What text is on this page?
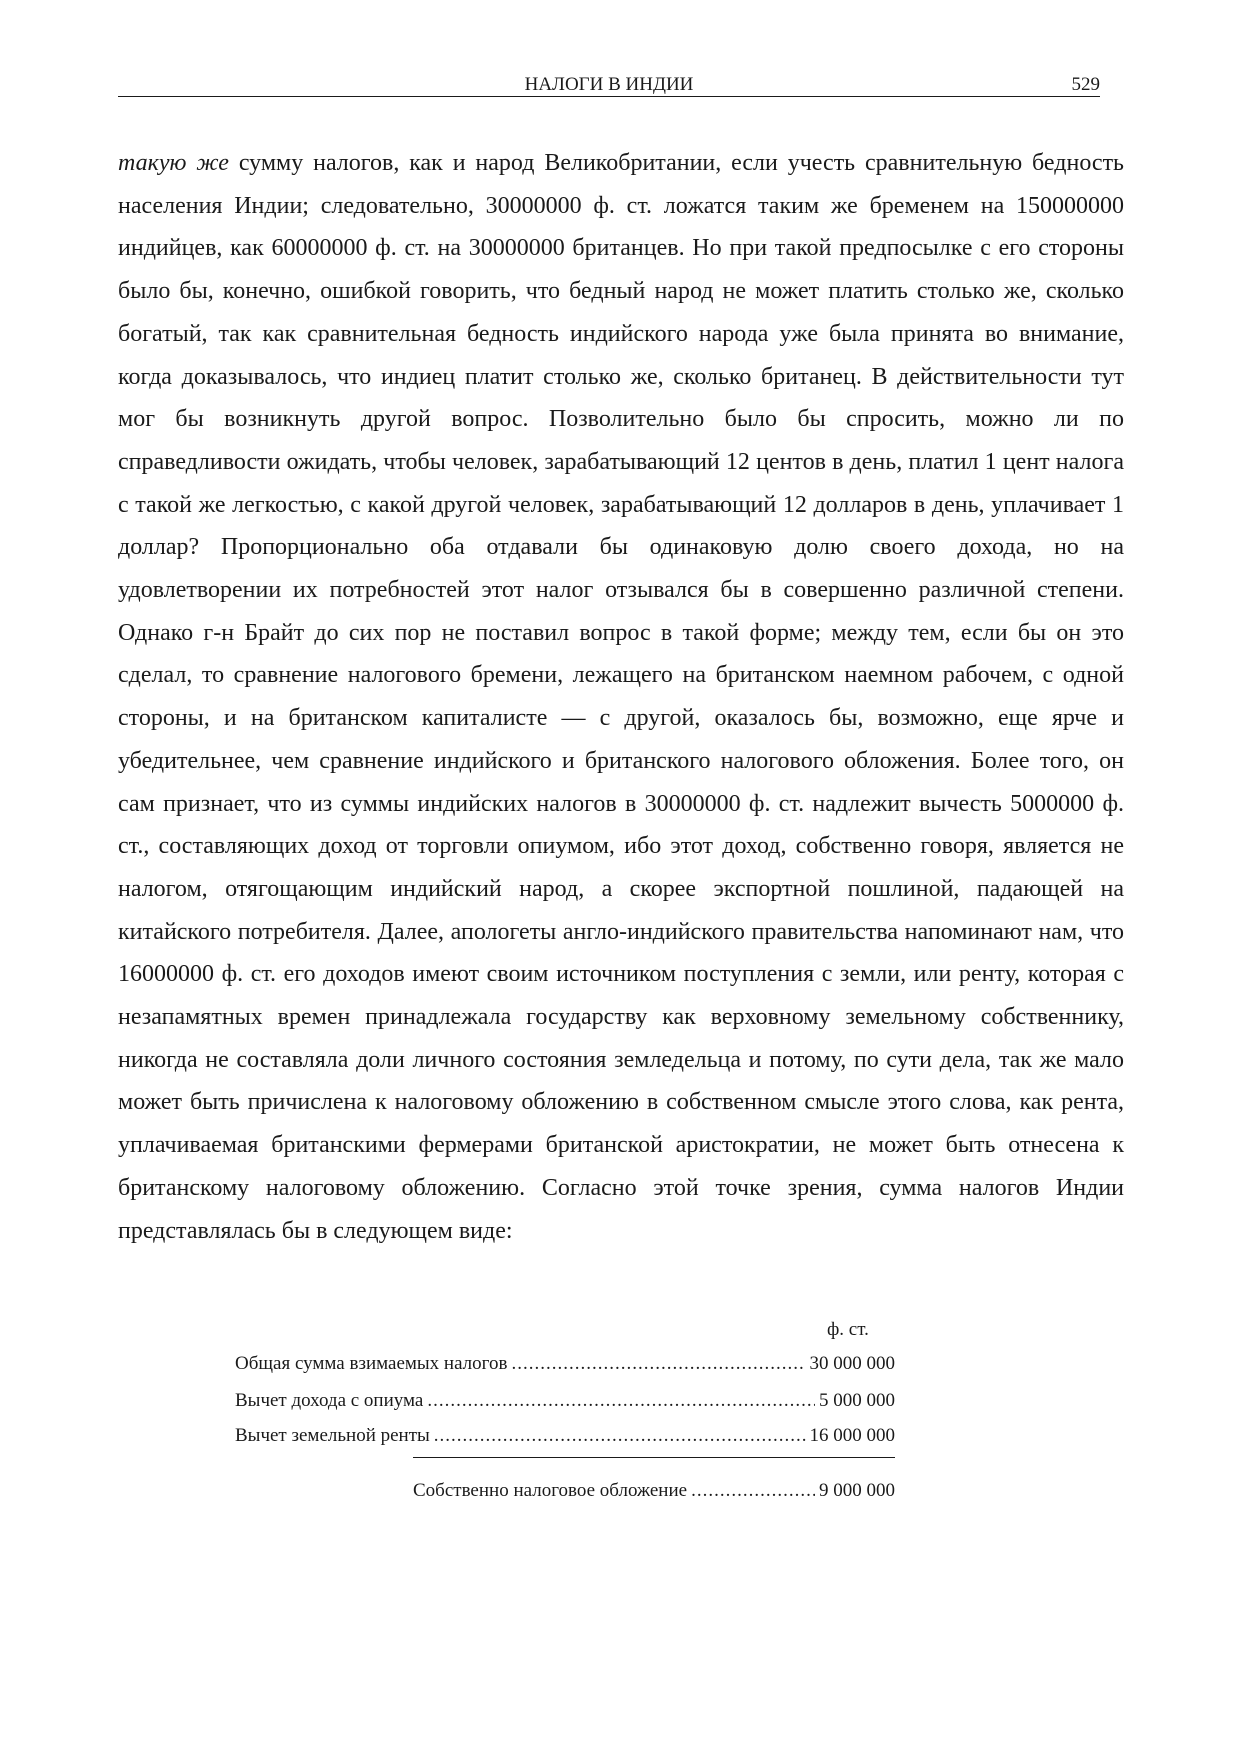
НАЛОГИ В ИНДИИ	529

такую же сумму налогов, как и народ Великобритании, если учесть сравнительную бедность населения Индии; следовательно, 30000000 ф. ст. ложатся таким же бременем на 150000000 индийцев, как 60000000 ф. ст. на 30000000 британцев. Но при такой предпосылке с его стороны было бы, конечно, ошибкой говорить, что бедный народ не может платить столько же, сколько богатый, так как сравнительная бедность индийского народа уже была принята во внимание, когда доказывалось, что индиец платит столько же, сколько британец. В действительности тут мог бы возникнуть другой вопрос. Позволительно было бы спросить, можно ли по справедливости ожидать, чтобы человек, зарабатывающий 12 центов в день, платил 1 цент налога с такой же легкостью, с какой другой человек, зарабатывающий 12 долларов в день, уплачивает 1 доллар? Пропорционально оба отдавали бы одинаковую долю своего дохода, но на удовлетворении их потребностей этот налог отзывался бы в совершенно различной степени. Однако г-н Брайт до сих пор не поставил вопрос в такой форме; между тем, если бы он это сделал, то сравнение налогового бремени, лежащего на британском наемном рабочем, с одной стороны, и на британском капиталисте — с другой, оказалось бы, возможно, еще ярче и убедительнее, чем сравнение индийского и британского налогового обложения. Более того, он сам признает, что из суммы индийских налогов в 30000000 ф. ст. надлежит вычесть 5000000 ф. ст., составляющих доход от торговли опиумом, ибо этот доход, собственно говоря, является не налогом, отягощающим индийский народ, а скорее экспортной пошлиной, падающей на китайского потребителя. Далее, апологеты англо-индийского правительства напоминают нам, что 16000000 ф. ст. его доходов имеют своим источником поступления с земли, или ренту, которая с незапамятных времен принадлежала государству как верховному земельному собственнику, никогда не составляла доли личного состояния земледельца и потому, по сути дела, так же мало может быть причислена к налоговому обложению в собственном смысле этого слова, как рента, уплачиваемая британскими фермерами британской аристократии, не может быть отнесена к британскому налоговому обложению. Согласно этой точке зрения, сумма налогов Индии представлялась бы в следующем виде:

ф. ст.
Общая сумма взимаемых налогов .....	30 000 000
Вычет дохода с опиума .....	5 000 000
Вычет земельной ренты .....	16 000 000
Собственно налоговое обложение .....	9 000 000
